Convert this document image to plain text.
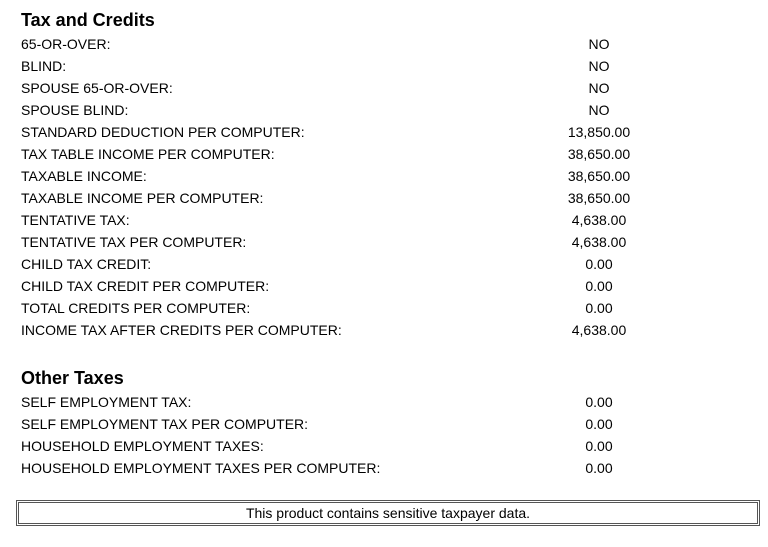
Tax and Credits
65-OR-OVER:	NO
BLIND:	NO
SPOUSE 65-OR-OVER:	NO
SPOUSE BLIND:	NO
STANDARD DEDUCTION PER COMPUTER:	13,850.00
TAX TABLE INCOME PER COMPUTER:	38,650.00
TAXABLE INCOME:	38,650.00
TAXABLE INCOME PER COMPUTER:	38,650.00
TENTATIVE TAX:	4,638.00
TENTATIVE TAX PER COMPUTER:	4,638.00
CHILD TAX CREDIT:	0.00
CHILD TAX CREDIT PER COMPUTER:	0.00
TOTAL CREDITS PER COMPUTER:	0.00
INCOME TAX AFTER CREDITS PER COMPUTER:	4,638.00
Other Taxes
SELF EMPLOYMENT TAX:	0.00
SELF EMPLOYMENT TAX PER COMPUTER:	0.00
HOUSEHOLD EMPLOYMENT TAXES:	0.00
HOUSEHOLD EMPLOYMENT TAXES PER COMPUTER:	0.00
This product contains sensitive taxpayer data.
